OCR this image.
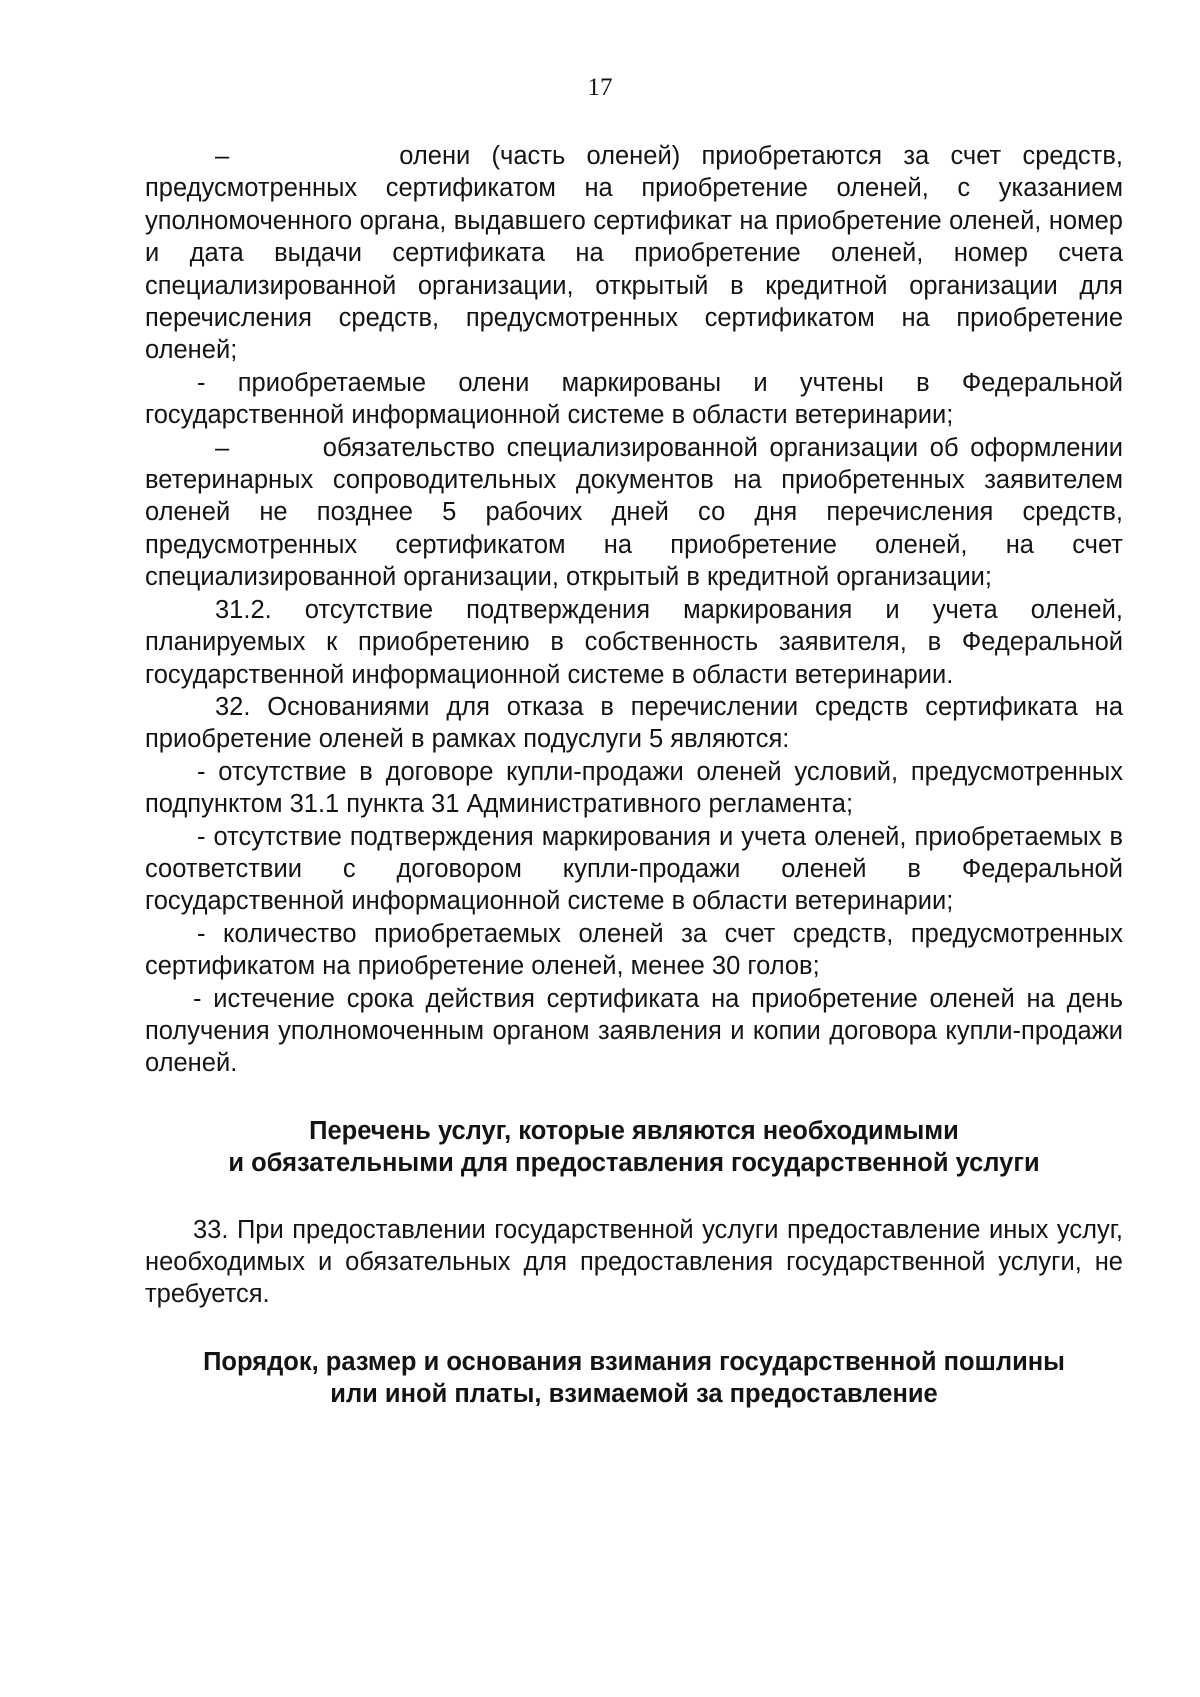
17

–        олени (часть оленей) приобретаются за счет средств, предусмотренных сертификатом на приобретение оленей, с указанием уполномоченного органа, выдавшего сертификат на приобретение оленей, номер и дата выдачи сертификата на приобретение оленей, номер счета специализированной организации, открытый в кредитной организации для перечисления средств, предусмотренных сертификатом на приобретение оленей;

- приобретаемые олени маркированы и учтены в Федеральной государственной информационной системе в области ветеринарии;

–        обязательство специализированной организации об оформлении ветеринарных сопроводительных документов на приобретенных заявителем оленей не позднее 5 рабочих дней со дня перечисления средств, предусмотренных сертификатом на приобретение оленей, на счет специализированной организации, открытый в кредитной организации;

31.2. отсутствие подтверждения маркирования и учета оленей, планируемых к приобретению в собственность заявителя, в Федеральной государственной информационной системе в области ветеринарии.

32. Основаниями для отказа в перечислении средств сертификата на приобретение оленей в рамках подуслуги 5 являются:

- отсутствие в договоре купли-продажи оленей условий, предусмотренных подпунктом 31.1 пункта 31 Административного регламента;

- отсутствие подтверждения маркирования и учета оленей, приобретаемых в соответствии с договором купли-продажи оленей в Федеральной государственной информационной системе в области ветеринарии;

- количество приобретаемых оленей за счет средств, предусмотренных сертификатом на приобретение оленей, менее 30 голов;

- истечение срока действия сертификата на приобретение оленей на день получения уполномоченным органом заявления и копии договора купли-продажи оленей.

Перечень услуг, которые являются необходимыми
и обязательными для предоставления государственной услуги

33. При предоставлении государственной услуги предоставление иных услуг, необходимых и обязательных для предоставления государственной услуги, не требуется.

Порядок, размер и основания взимания государственной пошлины
или иной платы, взимаемой за предоставление
